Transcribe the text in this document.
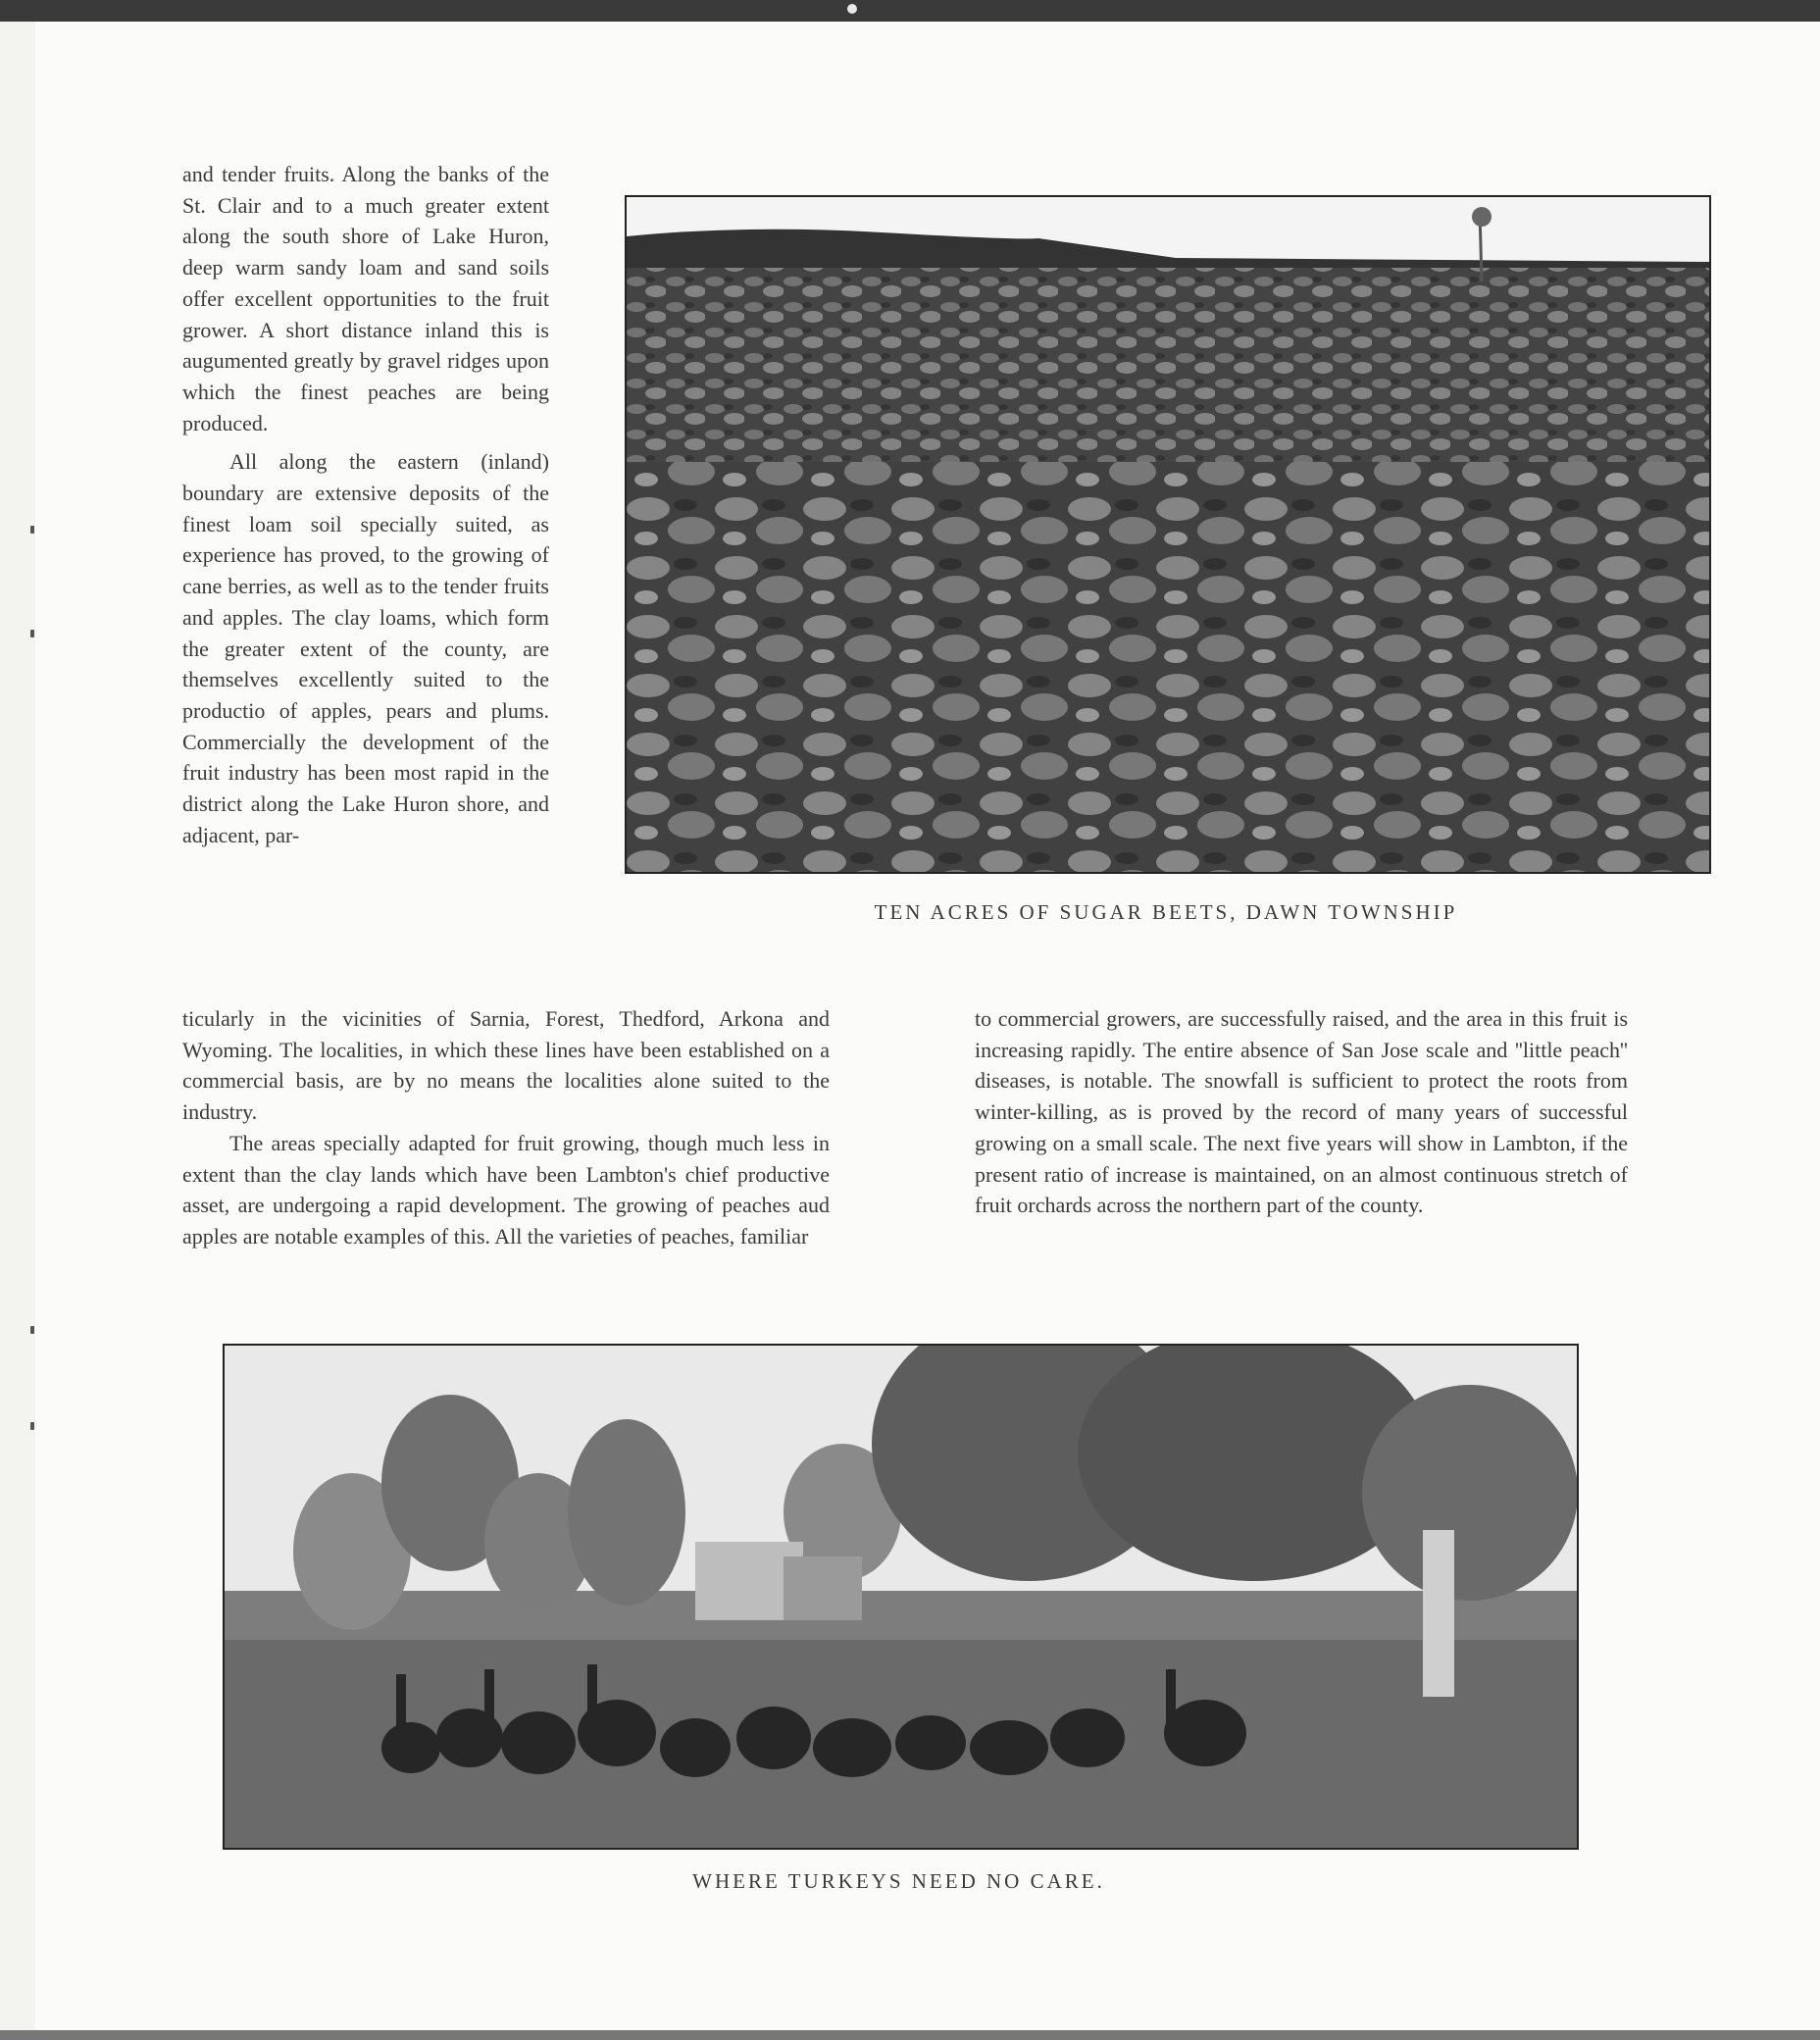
and tender fruits. Along the banks of the St. Clair and to a much greater extent along the south shore of Lake Huron, deep warm sandy loam and sand soils offer excellent opportunities to the fruit grower. A short distance inland this is augumented greatly by gravel ridges upon which the finest peaches are being produced.

All along the eastern (inland) boundary are extensive deposits of the finest loam soil specially suited, as experience has proved, to the growing of cane berries, as well as to the tender fruits and apples. The clay loams, which form the greater extent of the county, are themselves excellently suited to the productio of apples, pears and plums. Commercially the development of the fruit industry has been most rapid in the district along the Lake Huron shore, and adjacent, par-

TEN ACRES OF SUGAR BEETS, DAWN TOWNSHIP

ticularly in the vicinities of Sarnia, Forest, Thedford, Arkona and Wyoming. The localities, in which these lines have been established on a commercial basis, are by no means the localities alone suited to the industry.

The areas specially adapted for fruit growing, though much less in extent than the clay lands which have been Lambton's chief productive asset, are undergoing a rapid development. The growing of peaches aud apples are notable examples of this. All the varieties of peaches, familiar

to commercial growers, are successfully raised, and the area in this fruit is increasing rapidly. The entire absence of San Jose scale and ''little peach'' diseases, is notable. The snowfall is sufficient to protect the roots from winter-killing, as is proved by the record of many years of successful growing on a small scale. The next five years will show in Lambton, if the present ratio of increase is maintained, on an almost continuous stretch of fruit orchards across the northern part of the county.

WHERE TURKEYS NEED NO CARE.
